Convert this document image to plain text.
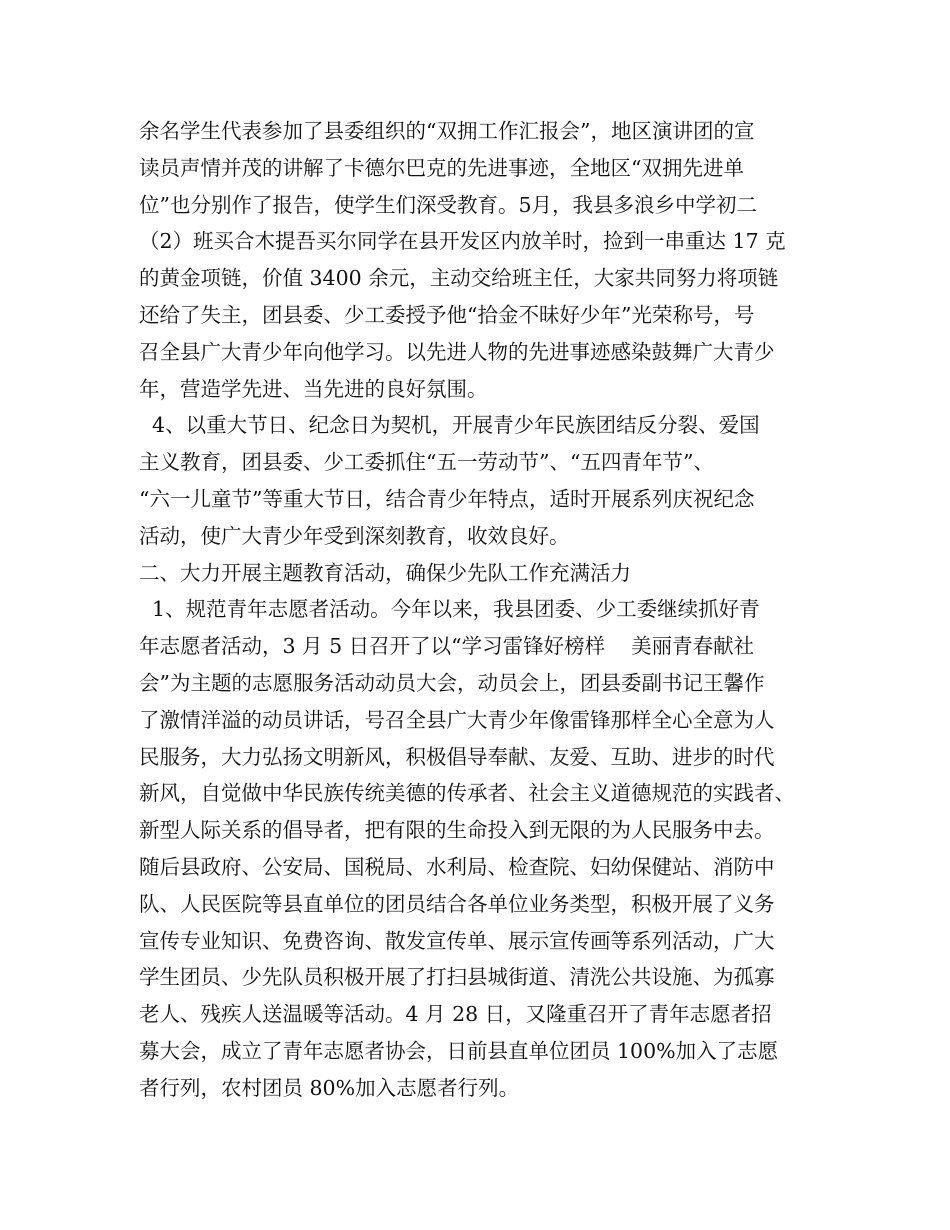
余名学生代表参加了县委组织的“双拥工作汇报会”，地区演讲团的宣
读员声情并茂的讲解了卡德尔巴克的先进事迹，全地区“双拥先进单
位”也分别作了报告，使学生们深受教育。5月，我县多浪乡中学初二
（2）班买合木提吾买尔同学在县开发区内放羊时，捡到一串重达 17 克
的黄金项链，价值 3400 余元，主动交给班主任，大家共同努力将项链
还给了失主，团县委、少工委授予他“拾金不昧好少年”光荣称号，号
召全县广大青少年向他学习。以先进人物的先进事迹感染鼓舞广大青少
年，营造学先进、当先进的良好氛围。
4、以重大节日、纪念日为契机，开展青少年民族团结反分裂、爱国
主义教育，团县委、少工委抓住“五一劳动节”、“五四青年节”、
“六一儿童节”等重大节日，结合青少年特点，适时开展系列庆祝纪念
活动，使广大青少年受到深刻教育，收效良好。
二、大力开展主题教育活动，确保少先队工作充满活力
1、规范青年志愿者活动。今年以来，我县团委、少工委继续抓好青
年志愿者活动，3 月 5 日召开了以“学习雷锋好榜样    美丽青春献社
会”为主题的志愿服务活动动员大会，动员会上，团县委副书记王馨作
了激情洋溢的动员讲话，号召全县广大青少年像雷锋那样全心全意为人
民服务，大力弘扬文明新风，积极倡导奉献、友爱、互助、进步的时代
新风，自觉做中华民族传统美德的传承者、社会主义道德规范的实践者、
新型人际关系的倡导者，把有限的生命投入到无限的为人民服务中去。
随后县政府、公安局、国税局、水利局、检查院、妇幼保健站、消防中
队、人民医院等县直单位的团员结合各单位业务类型，积极开展了义务
宣传专业知识、免费咨询、散发宣传单、展示宣传画等系列活动，广大
学生团员、少先队员积极开展了打扫县城街道、清洗公共设施、为孤寡
老人、残疾人送温暖等活动。4 月 28 日，又隆重召开了青年志愿者招
募大会，成立了青年志愿者协会，日前县直单位团员 100%加入了志愿
者行列，农村团员 80%加入志愿者行列。
